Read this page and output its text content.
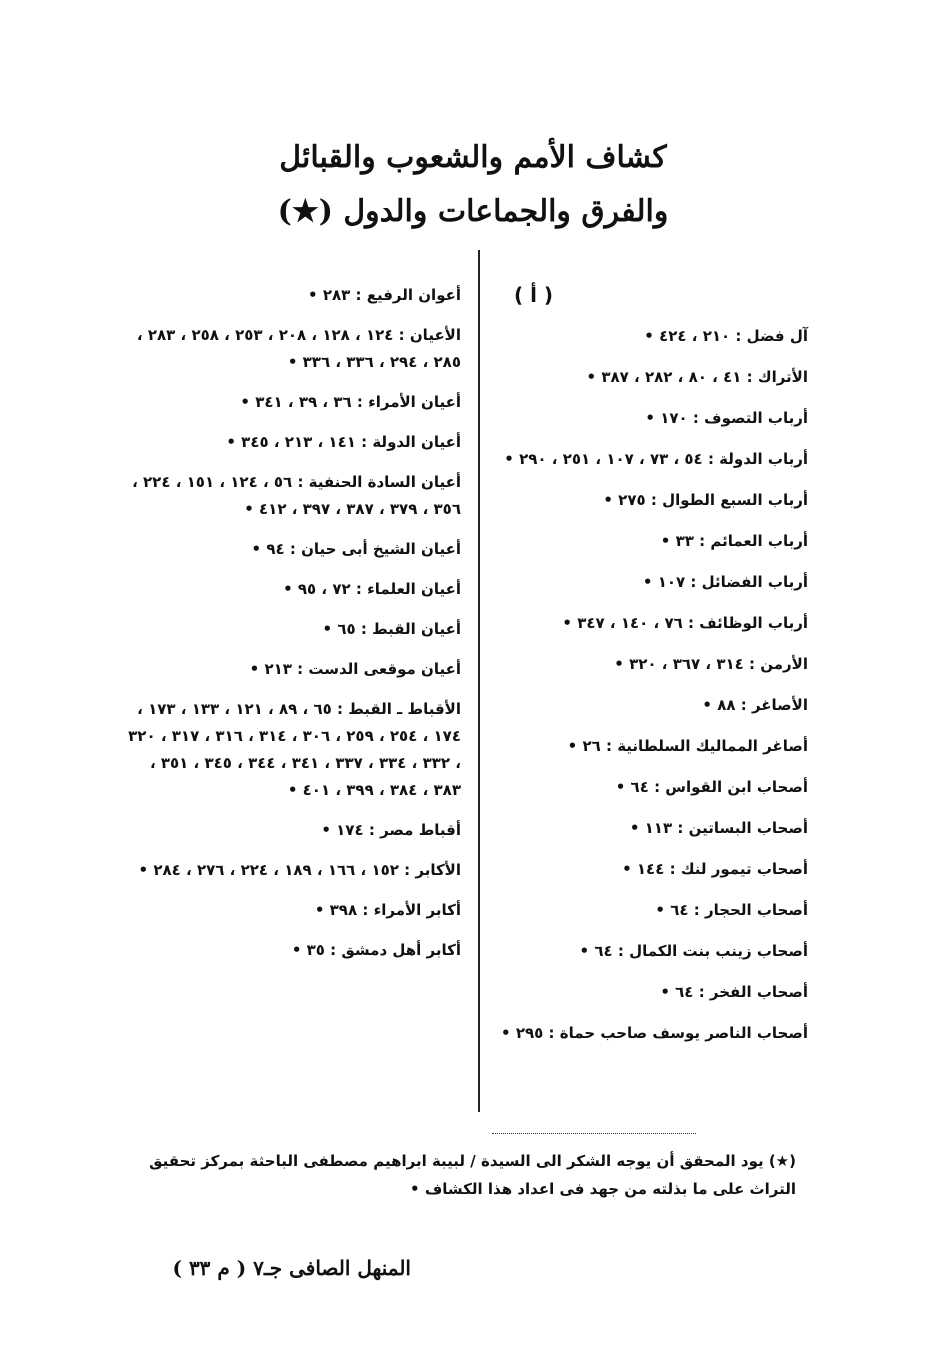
كشاف الأمم والشعوب والقبائل
والفرق والجماعات والدول (★)

( أ )

آل فضل : ٢١٠ ، ٤٢٤ •

الأتراك : ٤١ ، ٨٠ ، ٢٨٢ ، ٣٨٧ •

أرباب التصوف : ١٧٠ •

أرباب الدولة : ٥٤ ، ٧٣ ، ١٠٧ ، ٢٥١ ، ٢٩٠ •

أرباب السبع الطوال : ٢٧٥ •

أرباب العمائم : ٣٣ •

أرباب الفضائل : ١٠٧ •

أرباب الوظائف : ٧٦ ، ١٤٠ ، ٣٤٧ •

الأرمن : ٣١٤ ، ٣٦٧ ، ٣٢٠ •

الأصاغر : ٨٨ •

أصاغر المماليك السلطانية : ٢٦ •

أصحاب ابن القواس : ٦٤ •

أصحاب البساتين : ١١٣ •

أصحاب تيمور لنك : ١٤٤ •

أصحاب الحجار : ٦٤ •

أصحاب زينب بنت الكمال : ٦٤ •

أصحاب الفخر : ٦٤ •

أصحاب الناصر يوسف صاحب حماة : ٢٩٥ •

أعوان الرفيع : ٢٨٣ •

الأعيان : ١٢٤ ، ١٢٨ ، ٢٠٨ ، ٢٥٣ ، ٢٥٨ ، ٢٨٣ ، ٢٨٥ ، ٢٩٤ ، ٣٣٦ ، ٣٣٦ •

أعيان الأمراء : ٣٦ ، ٣٩ ، ٣٤١ •

أعيان الدولة : ١٤١ ، ٢١٣ ، ٣٤٥ •

أعيان السادة الحنفية : ٥٦ ، ١٢٤ ، ١٥١ ، ٢٢٤ ، ٣٥٦ ، ٣٧٩ ، ٣٨٧ ، ٣٩٧ ، ٤١٢ •

أعيان الشيخ أبى حيان : ٩٤ •

أعيان العلماء : ٧٢ ، ٩٥ •

أعيان القبط : ٦٥ •

أعيان موقعى الدست : ٢١٣ •

الأقباط ـ القبط : ٦٥ ، ٨٩ ، ١٢١ ، ١٣٣ ، ١٧٣ ، ١٧٤ ، ٢٥٤ ، ٢٥٩ ، ٣٠٦ ، ٣١٤ ، ٣١٦ ، ٣١٧ ، ٣٢٠ ، ٣٣٢ ، ٣٣٤ ، ٣٣٧ ، ٣٤١ ، ٣٤٤ ، ٣٤٥ ، ٣٥١ ، ٣٨٣ ، ٣٨٤ ، ٣٩٩ ، ٤٠١ •

أقباط مصر : ١٧٤ •

الأكابر : ١٥٢ ، ١٦٦ ، ١٨٩ ، ٢٢٤ ، ٢٧٦ ، ٢٨٤ •

أكابر الأمراء : ٣٩٨ •

أكابر أهل دمشق : ٣٥ •

(★) يود المحقق أن يوجه الشكر الى السيدة / لبيبة ابراهيم مصطفى الباحثة بمركز تحقيق التراث على ما بذلته من جهد فى اعداد هذا الكشاف •

المنهل الصافى جـ٧ ( م ٣٣ )
